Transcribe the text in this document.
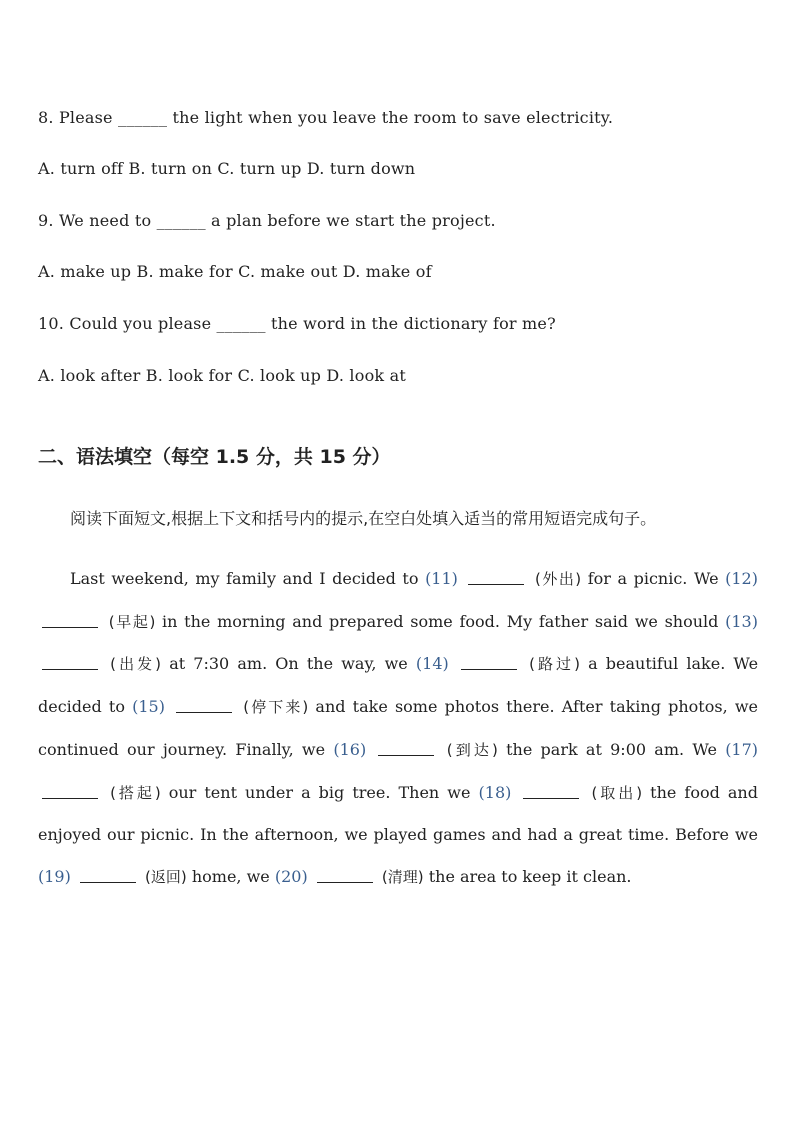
8. Please ______ the light when you leave the room to save electricity.
A. turn off B. turn on C. turn up D. turn down
9. We need to ______ a plan before we start the project.
A. make up B. make for C. make out D. make of
10. Could you please ______ the word in the dictionary for me?
A. look after B. look for C. look up D. look at
二、语法填空（每空 1.5 分，共 15 分）
阅读下面短文,根据上下文和括号内的提示,在空白处填入适当的常用短语完成句子。

Last weekend, my family and I decided to (11)	(外出) for a picnic. We (12)  (早起) in the morning and prepared some food. My father said we should (13)  (出发) at 7:30 am. On the way, we (14)	(路过) a beautiful lake. We decided to (15)	(停下来) and take some photos there. After taking photos, we continued our journey. Finally, we (16)	(到达) the park at 9:00 am. We (17)  (搭起) our tent under a big tree. Then we (18)	(取出) the food and enjoyed our picnic. In the afternoon, we played games and had a great time. Before we (19)	(返回) home, we (20)	(清理) the area to keep it clean.
